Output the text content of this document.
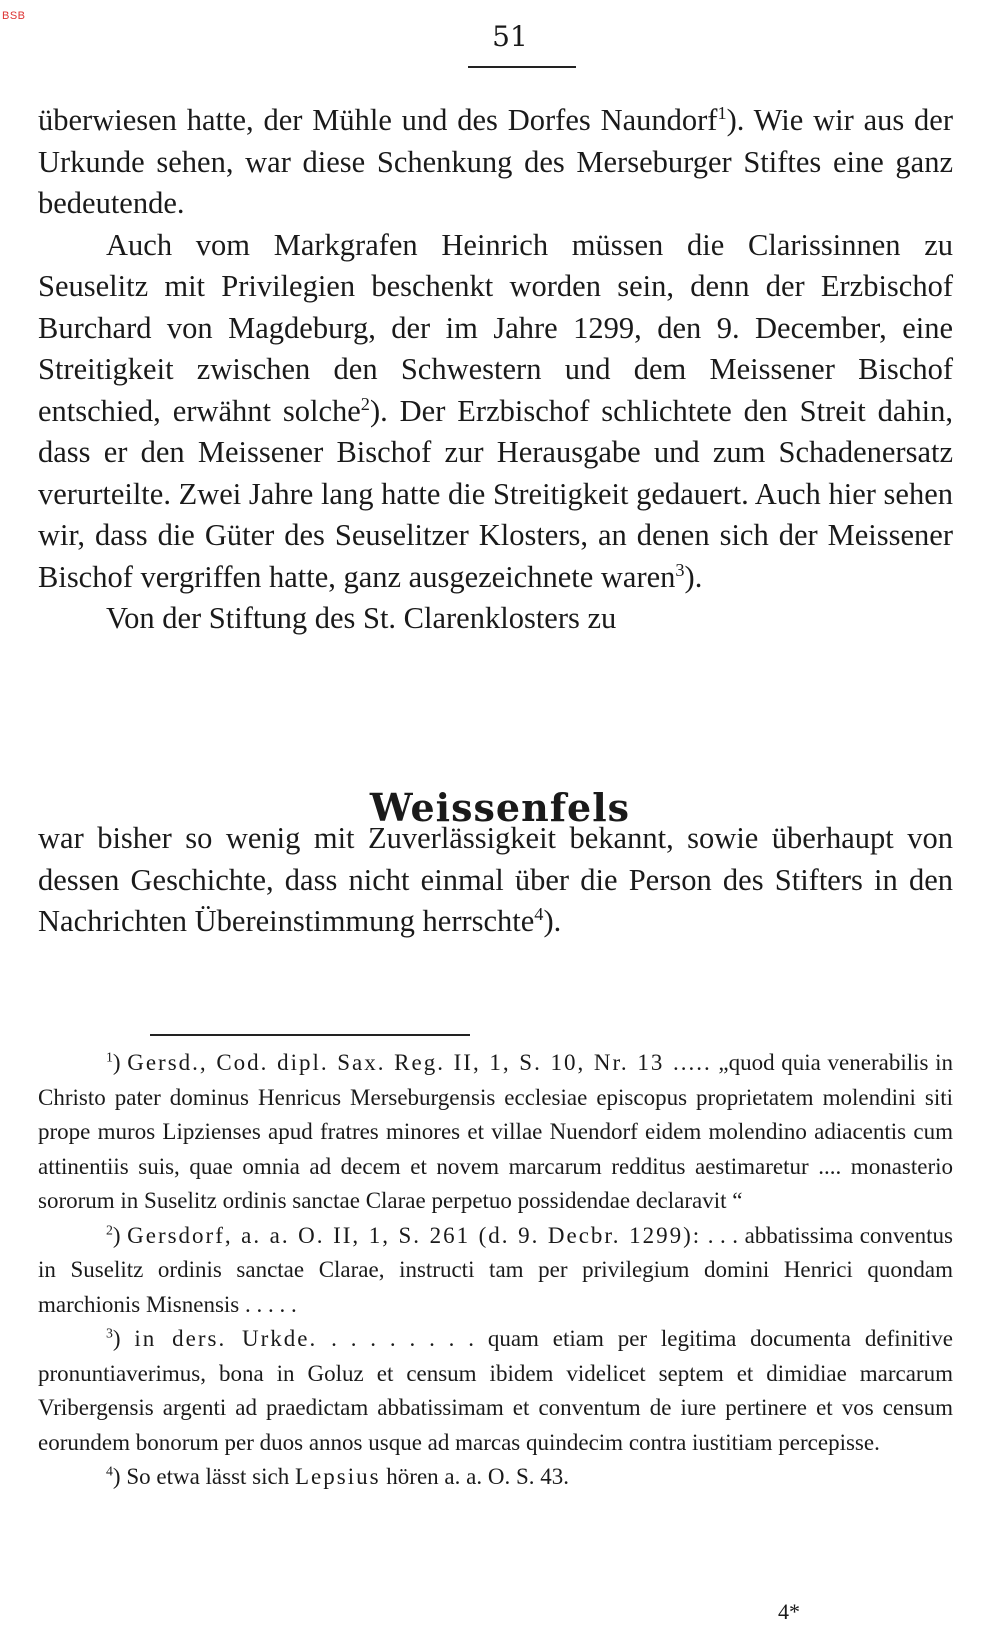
BSB
51

überwiesen hatte, der Mühle und des Dorfes Naundorf$^1$). Wie wir aus der Urkunde sehen, war diese Schenkung des Merseburger Stiftes eine ganz bedeutende.

Auch vom Markgrafen Heinrich müssen die Clarissinnen zu Seuselitz mit Privilegien beschenkt worden sein, denn der Erzbischof Burchard von Magdeburg, der im Jahre 1299, den 9. December, eine Streitigkeit zwischen den Schwestern und dem Meissener Bischof entschied, erwähnt solche$^2$). Der Erzbischof schlichtete den Streit dahin, dass er den Meissener Bischof zur Herausgabe und zum Schadenersatz verurteilte. Zwei Jahre lang hatte die Streitigkeit gedauert. Auch hier sehen wir, dass die Güter des Seuselitzer Klosters, an denen sich der Meissener Bischof vergriffen hatte, ganz ausgezeichnete waren$^3$).

Von der Stiftung des St. Clarenklosters zu

Weissenfels

war bisher so wenig mit Zuverlässigkeit bekannt, sowie überhaupt von dessen Geschichte, dass nicht einmal über die Person des Stifters in den Nachrichten Übereinstimmung herrschte$^4$).

$^1$) Gersd., Cod. dipl. Sax. Reg. II, 1, S. 10, Nr. 13 ..... „quod quia venerabilis in Christo pater dominus Henricus Merseburgensis ecclesiae episcopus proprietatem molendini siti prope muros Lipzienses apud fratres minores et villae Nuendorf eidem molendino adiacentis cum attinentiis suis, quae omnia ad decem et novem marcarum redditus aestimaretur .... monasterio sororum in Suselitz ordinis sanctae Clarae perpetuo possidendae declaravit “

$^2$) Gersdorf, a. a. O. II, 1, S. 261 (d. 9. Decbr. 1299): . . . abbatissima conventus in Suselitz ordinis sanctae Clarae, instructi tam per privilegium domini Henrici quondam marchionis Misnensis . . . . .

$^3$) in ders. Urkde. . . . . . . . . quam etiam per legitima documenta definitive pronuntiaverimus, bona in Goluz et censum ibidem videlicet septem et dimidiae marcarum Vribergensis argenti ad praedictam abbatissimam et conventum de iure pertinere et vos censum eorundem bonorum per duos annos usque ad marcas quindecim contra iustitiam percepisse.

$^4$) So etwa lässt sich Lepsius hören a. a. O. S. 43.

4*
